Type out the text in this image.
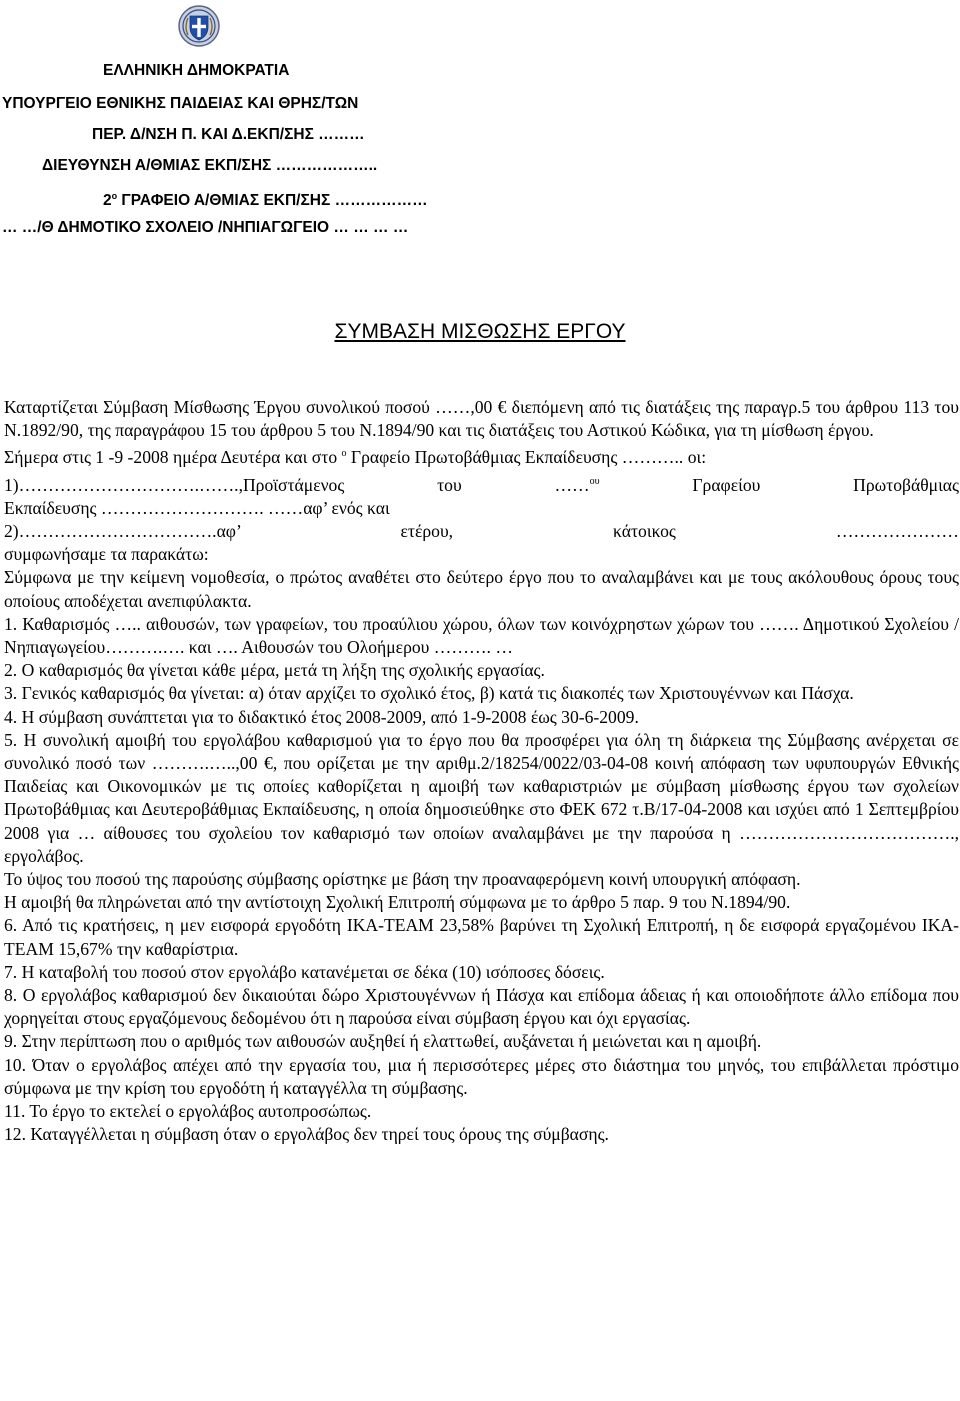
ΕΛΛΗΝΙΚΗ ΔΗΜΟΚΡΑΤΙΑ
ΥΠΟΥΡΓΕΙΟ ΕΘΝΙΚΗΣ ΠΑΙΔΕΙΑΣ ΚΑΙ ΘΡΗΣ/ΤΩΝ
ΠΕΡ. Δ/ΝΣΗ Π. ΚΑΙ Δ.ΕΚΠ/ΣΗΣ ………
ΔΙΕΥΘΥΝΣΗ Α/ΘΜΙΑΣ ΕΚΠ/ΣΗΣ ………………..
$2^o$ ΓΡΑΦΕΙΟ Α/ΘΜΙΑΣ ΕΚΠ/ΣΗΣ ………………
… …/Θ ΔΗΜΟΤΙΚΟ ΣΧΟΛΕΙΟ /ΝΗΠΙΑΓΩΓΕΙΟ … … … …
ΣΥΜΒΑΣΗ ΜΙΣΘΩΣΗΣ ΕΡΓΟΥ

Καταρτίζεται Σύμβαση Μίσθωσης Έργου συνολικού ποσού ……,00 € διεπόμενη από τις διατάξεις της παραγρ.5 του άρθρου 113 του Ν.1892/90, της παραγράφου 15 του άρθρου 5 του Ν.1894/90 και τις διατάξεις του Αστικού Κώδικα, για τη μίσθωση έργου.

Σήμερα στις 1 -9 -2008 ημέρα Δευτέρα και στο $^o$ Γραφείο Πρωτοβάθμιας Εκπαίδευσης ……….. οι:

1)………………………….…….,Προϊστάμενος του ……$^{o\upsilon}$ Γραφείου Πρωτοβάθμιας

Εκπαίδευσης ………………………. ……αφ’ ενός και

2)…………………………….αφ’ ετέρου, κάτοικος …………………

συμφωνήσαμε τα παρακάτω:

Σύμφωνα με την κείμενη νομοθεσία, ο πρώτος αναθέτει στο δεύτερο έργο που το αναλαμβάνει και με τους ακόλουθους όρους τους οποίους αποδέχεται ανεπιφύλακτα.

1. Καθαρισμός ….. αιθουσών, των γραφείων, του προαύλιου χώρου, όλων των κοινόχρηστων χώρων του ……. Δημοτικού Σχολείου / Νηπιαγωγείου……….…. και …. Αιθουσών του Ολοήμερου ………. …

2. Ο καθαρισμός θα γίνεται κάθε μέρα, μετά τη λήξη της σχολικής εργασίας.

3. Γενικός καθαρισμός θα γίνεται: α) όταν αρχίζει το σχολικό έτος, β) κατά τις διακοπές των Χριστουγέννων και Πάσχα.

4. Η σύμβαση συνάπτεται για το διδακτικό έτος 2008-2009, από 1-9-2008 έως 30-6-2009.

5. Η συνολική αμοιβή του εργολάβου καθαρισμού για το έργο που θα προσφέρει για όλη τη διάρκεια της Σύμβασης ανέρχεται σε συνολικό ποσό των ……….…..,00 €, που ορίζεται με την αριθμ.2/18254/0022/03-04-08 κοινή απόφαση των υφυπουργών Εθνικής Παιδείας και Οικονομικών με τις οποίες καθορίζεται η αμοιβή των καθαριστριών με σύμβαση μίσθωσης έργου των σχολείων Πρωτοβάθμιας και Δευτεροβάθμιας Εκπαίδευσης, η οποία δημοσιεύθηκε στο ΦΕΚ 672 τ.Β/17-04-2008 και ισχύει από 1 Σεπτεμβρίου 2008 για … αίθουσες του σχολείου τον καθαρισμό των οποίων αναλαμβάνει με την παρούσα η ………………………………., εργολάβος.

Το ύψος του ποσού της παρούσης σύμβασης ορίστηκε με βάση την προαναφερόμενη κοινή υπουργική απόφαση.

Η αμοιβή θα πληρώνεται από την αντίστοιχη Σχολική Επιτροπή σύμφωνα με το άρθρο 5 παρ. 9 του Ν.1894/90.

6. Από τις κρατήσεις, η μεν εισφορά εργοδότη ΙΚΑ-ΤΕΑΜ 23,58% βαρύνει τη Σχολική Επιτροπή, η δε εισφορά εργαζομένου ΙΚΑ-ΤΕΑΜ 15,67% την καθαρίστρια.

7. Η καταβολή του ποσού στον εργολάβο κατανέμεται σε δέκα (10) ισόποσες δόσεις.

8. Ο εργολάβος καθαρισμού δεν δικαιούται δώρο Χριστουγέννων ή Πάσχα και επίδομα άδειας ή και οποιοδήποτε άλλο επίδομα που χορηγείται στους εργαζόμενους δεδομένου ότι η παρούσα είναι σύμβαση έργου και όχι εργασίας.

9. Στην περίπτωση που ο αριθμός των αιθουσών αυξηθεί ή ελαττωθεί, αυξάνεται ή μειώνεται και η αμοιβή.

10. Όταν ο εργολάβος απέχει από την εργασία του, μια ή περισσότερες μέρες στο διάστημα του μηνός, του επιβάλλεται πρόστιμο σύμφωνα με την κρίση του εργοδότη ή καταγγέλλα τη σύμβασης.

11. Το έργο το εκτελεί ο εργολάβος αυτοπροσώπως.

12. Καταγγέλλεται η σύμβαση όταν ο εργολάβος δεν τηρεί τους όρους της σύμβασης.
